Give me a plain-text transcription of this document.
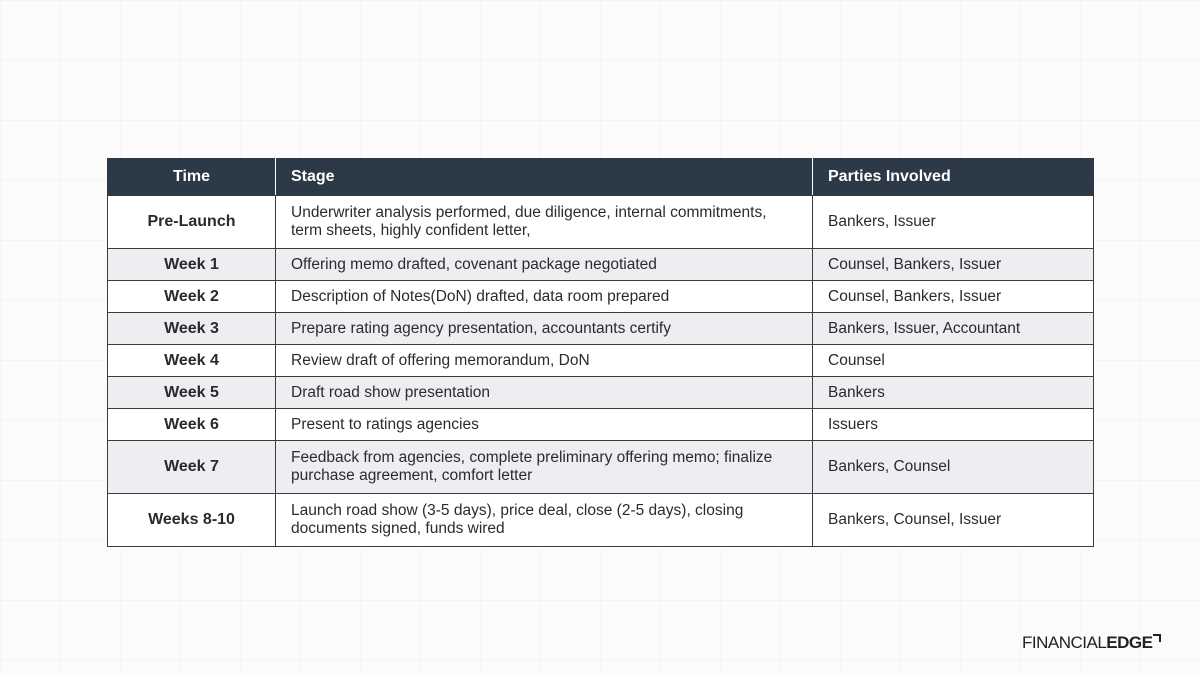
Time	Stage	Parties Involved
Pre-Launch	Underwriter analysis performed, due diligence, internal commitments, term sheets, highly confident letter,	Bankers, Issuer
Week 1	Offering memo drafted, covenant package negotiated	Counsel, Bankers, Issuer
Week 2	Description of Notes(DoN) drafted, data room prepared	Counsel, Bankers, Issuer
Week 3	Prepare rating agency presentation, accountants certify	Bankers, Issuer, Accountant
Week 4	Review draft of offering memorandum, DoN	Counsel
Week 5	Draft road show presentation	Bankers
Week 6	Present to ratings agencies	Issuers
Week 7	Feedback from agencies, complete preliminary offering memo; finalize purchase agreement, comfort letter	Bankers, Counsel
Weeks 8-10	Launch road show (3-5 days), price deal, close (2-5 days), closing documents signed, funds wired	Bankers, Counsel, Issuer
FINANCIALEDGE
